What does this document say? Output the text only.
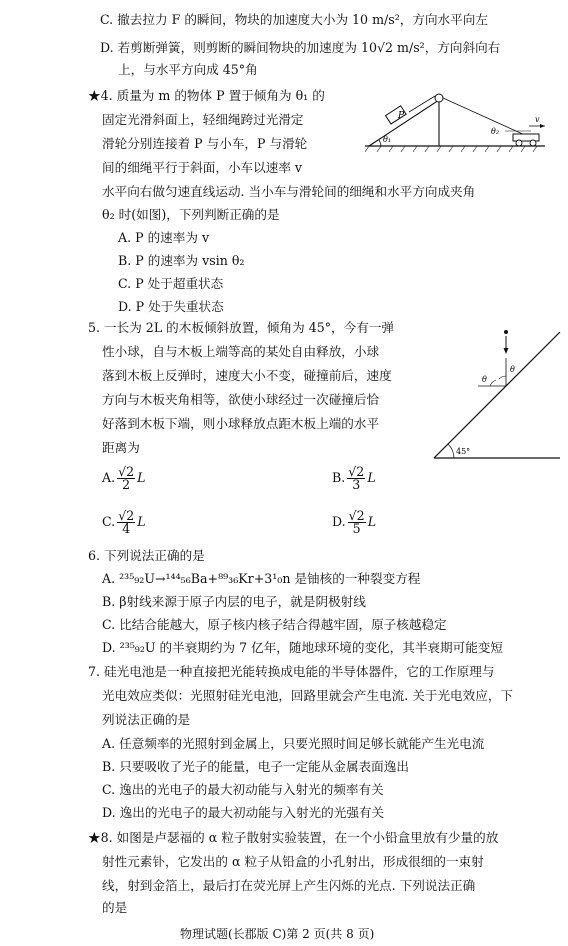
C. 撤去拉力 F 的瞬间，物块的加速度大小为 10 m/s²，方向水平向左
D. 若剪断弹簧，则剪断的瞬间物块的加速度为 10√2 m/s²，方向斜向右
上，与水平方向成 45°角
★4. 质量为 m 的物体 P 置于倾角为 θ₁ 的
固定光滑斜面上，轻细绳跨过光滑定
滑轮分别连接着 P 与小车，P 与滑轮
间的细绳平行于斜面，小车以速率 v
水平向右做匀速直线运动. 当小车与滑轮间的细绳和水平方向成夹角
θ₂ 时(如图)，下列判断正确的是
A. P 的速率为 v
B. P 的速率为 vsin θ₂
C. P 处于超重状态
D. P 处于失重状态
P
θ₁
θ₂
v
5. 一长为 2L 的木板倾斜放置，倾角为 45°，今有一弹
性小球，自与木板上端等高的某处自由释放，小球
落到木板上反弹时，速度大小不变，碰撞前后，速度
方向与木板夹角相等，欲使小球经过一次碰撞后恰
好落到木板下端，则小球释放点距木板上端的水平
距离为
A. $\frac{√2}{2}$ L	B. $\frac{√2}{3}$ L
C. $\frac{√2}{4}$ L	D. $\frac{√2}{5}$ L
θ
θ
45°
6. 下列说法正确的是
A. ²³⁵₉₂U→¹⁴⁴₅₆Ba+⁸⁹₃₆Kr+3¹₀n 是铀核的一种裂变方程
B. β射线来源于原子内层的电子，就是阴极射线
C. 比结合能越大，原子核内核子结合得越牢固，原子核越稳定
D. ²³⁵₉₂U 的半衰期约为 7 亿年，随地球环境的变化，其半衰期可能变短
7. 硅光电池是一种直接把光能转换成电能的半导体器件，它的工作原理与
光电效应类似：光照射硅光电池，回路里就会产生电流. 关于光电效应，下
列说法正确的是
A. 任意频率的光照射到金属上，只要光照时间足够长就能产生光电流
B. 只要吸收了光子的能量，电子一定能从金属表面逸出
C. 逸出的光电子的最大初动能与入射光的频率有关
D. 逸出的光电子的最大初动能与入射光的光强有关
★8. 如图是卢瑟福的 α 粒子散射实验装置，在一个小铅盒里放有少量的放
射性元素钋，它发出的 α 粒子从铅盒的小孔射出，形成很细的一束射
线，射到金箔上，最后打在荧光屏上产生闪烁的光点. 下列说法正确
的是
物理试题(长郡版 C)第 2 页(共 8 页)
